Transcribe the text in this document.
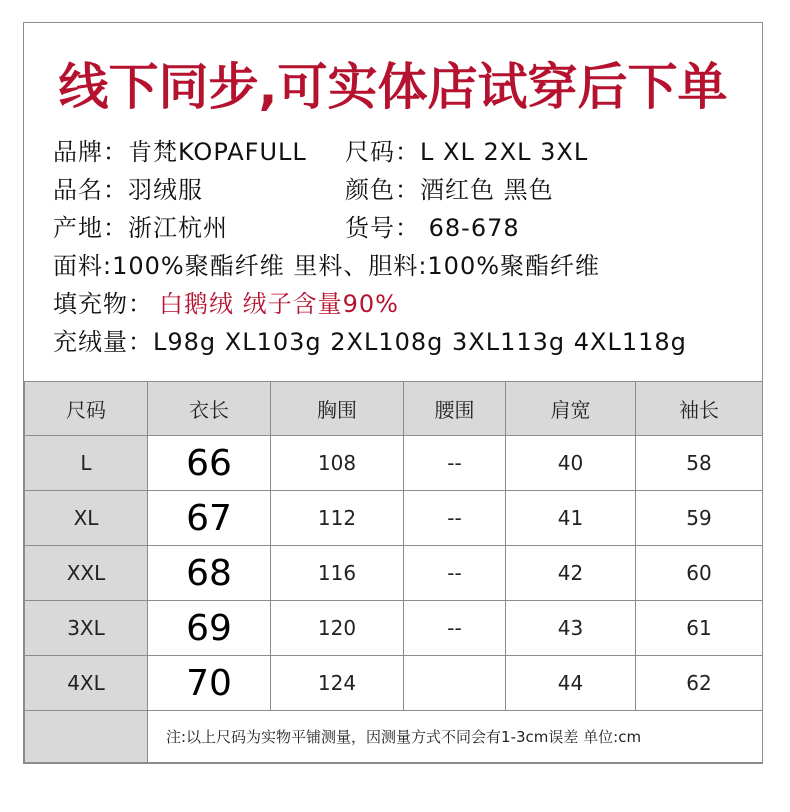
线下同步,可实体店试穿后下单
品牌：肯梵KOPAFULL 尺码：L XL 2XL 3XL
品名：羽绒服	颜色：酒红色 黑色
产地：浙江杭州	货号： 68-678
面料:100%聚酯纤维 里料、胆料:100%聚酯纤维
填充物： 白鹅绒 绒子含量90%
充绒量：L98g XL103g 2XL108g 3XL113g 4XL118g
尺码	衣长	胸围	腰围	肩宽	袖长
L	66	108	--	40	58
XL	67	112	--	41	59
XXL	68	116	--	42	60
3XL	69	120	--	43	61
4XL	70	124		44	62
	注:以上尺码为实物平铺测量，因测量方式不同会有1-3cm误差 单位:cm				
